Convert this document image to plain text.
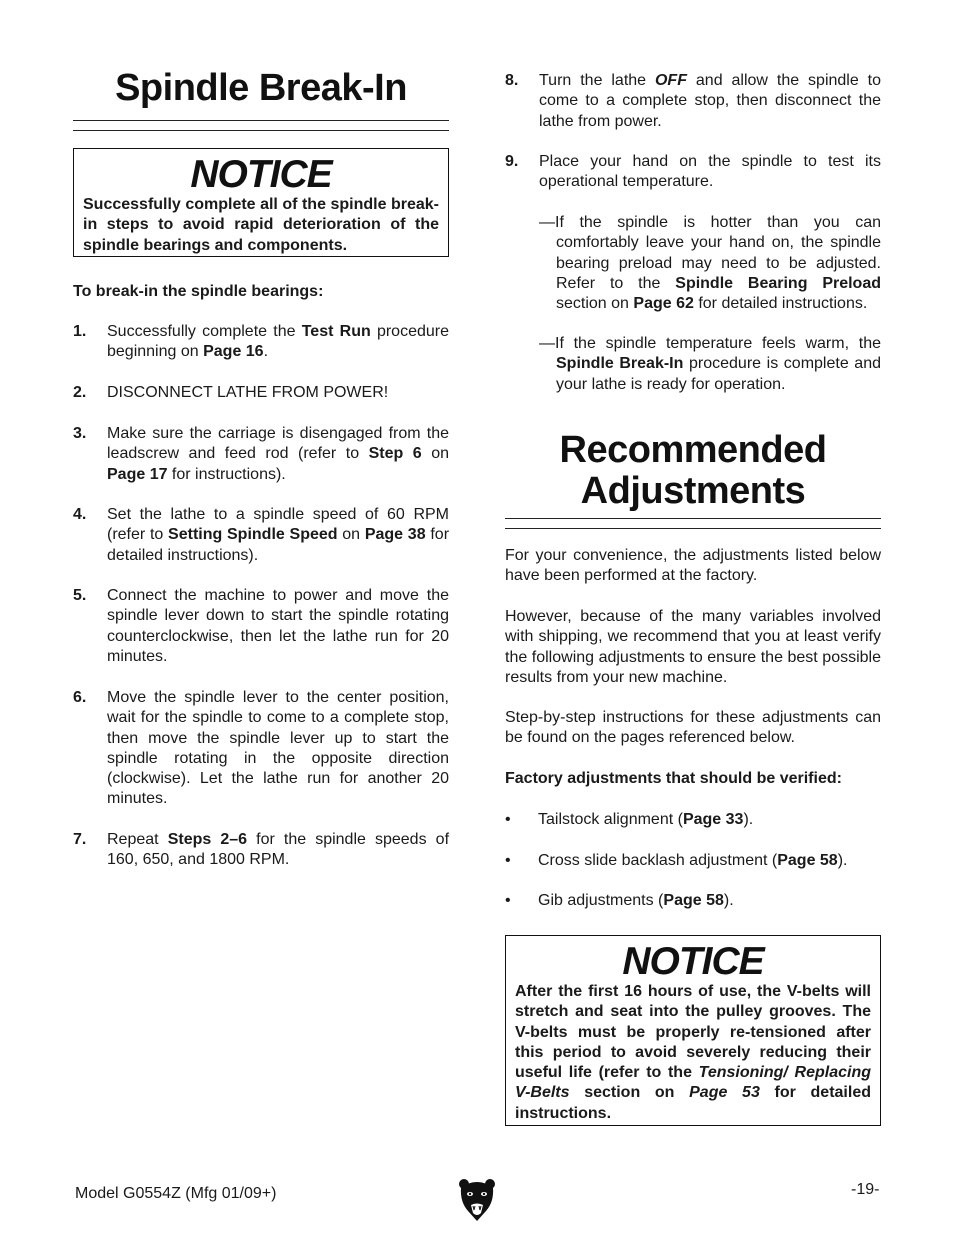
Spindle Break-In
NOTICE
Successfully complete all of the spindle break-in steps to avoid rapid deterioration of the spindle bearings and components.
To break-in the spindle bearings:
1. Successfully complete the Test Run procedure beginning on Page 16.
2. DISCONNECT LATHE FROM POWER!
3. Make sure the carriage is disengaged from the leadscrew and feed rod (refer to Step 6 on Page 17 for instructions).
4. Set the lathe to a spindle speed of 60 RPM (refer to Setting Spindle Speed on Page 38 for detailed instructions).
5. Connect the machine to power and move the spindle lever down to start the spindle rotating counterclockwise, then let the lathe run for 20 minutes.
6. Move the spindle lever to the center position, wait for the spindle to come to a complete stop, then move the spindle lever up to start the spindle rotating in the opposite direction (clockwise). Let the lathe run for another 20 minutes.
7. Repeat Steps 2–6 for the spindle speeds of 160, 650, and 1800 RPM.
8. Turn the lathe OFF and allow the spindle to come to a complete stop, then disconnect the lathe from power.
9. Place your hand on the spindle to test its operational temperature.
—If the spindle is hotter than you can comfortably leave your hand on, the spindle bearing preload may need to be adjusted. Refer to the Spindle Bearing Preload section on Page 62 for detailed instructions.
—If the spindle temperature feels warm, the Spindle Break-In procedure is complete and your lathe is ready for operation.
Recommended
Adjustments
For your convenience, the adjustments listed below have been performed at the factory.
However, because of the many variables involved with shipping, we recommend that you at least verify the following adjustments to ensure the best possible results from your new machine.
Step-by-step instructions for these adjustments can be found on the pages referenced below.
Factory adjustments that should be verified:
• Tailstock alignment (Page 33).
• Cross slide backlash adjustment (Page 58).
• Gib adjustments (Page 58).
NOTICE
After the first 16 hours of use, the V-belts will stretch and seat into the pulley grooves. The V-belts must be properly re-tensioned after this period to avoid severely reducing their useful life (refer to the Tensioning/ Replacing V-Belts section on Page 53 for detailed instructions.
Model G0554Z (Mfg 01/09+)	-19-
